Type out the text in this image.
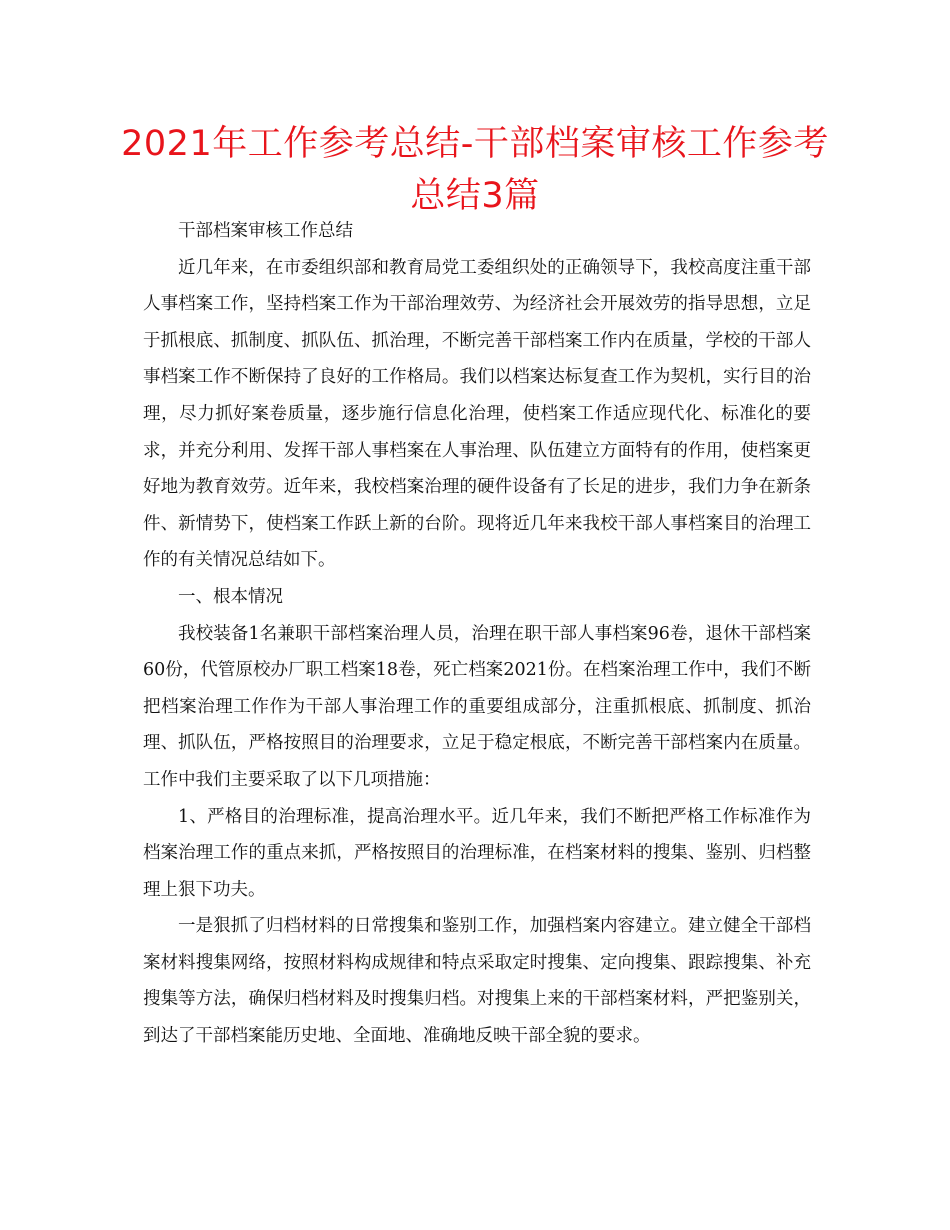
2021年工作参考总结-干部档案审核工作参考总结3篇

干部档案审核工作总结

近几年来，在市委组织部和教育局党工委组织处的正确领导下，我校高度注重干部人事档案工作，坚持档案工作为干部治理效劳、为经济社会开展效劳的指导思想，立足于抓根底、抓制度、抓队伍、抓治理，不断完善干部档案工作内在质量，学校的干部人事档案工作不断保持了良好的工作格局。我们以档案达标复查工作为契机，实行目的治理，尽力抓好案卷质量，逐步施行信息化治理，使档案工作适应现代化、标准化的要求，并充分利用、发挥干部人事档案在人事治理、队伍建立方面特有的作用，使档案更好地为教育效劳。近年来，我校档案治理的硬件设备有了长足的进步，我们力争在新条件、新情势下，使档案工作跃上新的台阶。现将近几年来我校干部人事档案目的治理工作的有关情况总结如下。

一、根本情况

我校装备1名兼职干部档案治理人员，治理在职干部人事档案96卷，退休干部档案60份，代管原校办厂职工档案18卷，死亡档案2021份。在档案治理工作中，我们不断把档案治理工作作为干部人事治理工作的重要组成部分，注重抓根底、抓制度、抓治理、抓队伍，严格按照目的治理要求，立足于稳定根底，不断完善干部档案内在质量。工作中我们主要采取了以下几项措施：

1、严格目的治理标准，提高治理水平。近几年来，我们不断把严格工作标准作为档案治理工作的重点来抓，严格按照目的治理标准，在档案材料的搜集、鉴别、归档整理上狠下功夫。

一是狠抓了归档材料的日常搜集和鉴别工作，加强档案内容建立。建立健全干部档案材料搜集网络，按照材料构成规律和特点采取定时搜集、定向搜集、跟踪搜集、补充搜集等方法，确保归档材料及时搜集归档。对搜集上来的干部档案材料，严把鉴别关，到达了干部档案能历史地、全面地、准确地反映干部全貌的要求。
